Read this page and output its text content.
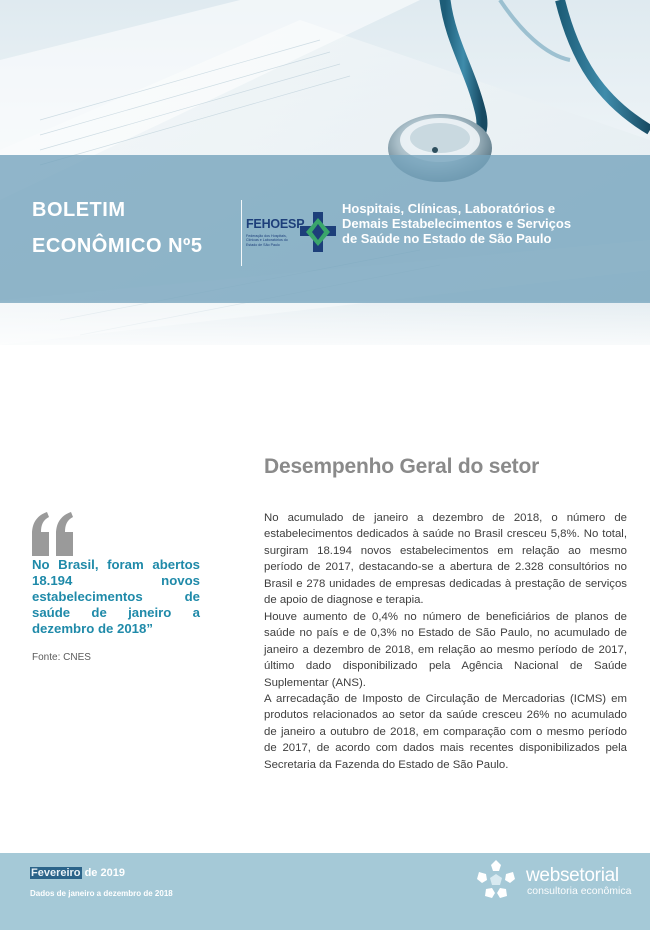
BOLETIM
ECONÔMICO Nº5
FEHOESP
Federação dos Hospitais, Clínicas e Laboratórios do Estado de São Paulo
Hospitais, Clínicas, Laboratórios e
Demais Estabelecimentos e Serviços
de Saúde no Estado de São Paulo
Desempenho Geral do setor

No acumulado de janeiro a dezembro de 2018, o número de estabelecimentos dedicados à saúde no Brasil cresceu 5,8%. No total, surgiram 18.194 novos estabelecimentos em relação ao mesmo período de 2017, destacando-se a abertura de 2.328 consultórios no Brasil e 278 unidades de empresas dedicadas à prestação de serviços de apoio de diagnose e terapia.

Houve aumento de 0,4% no número de beneficiários de planos de saúde no país e de 0,3% no Estado de São Paulo, no acumulado de janeiro a dezembro de 2018, em relação ao mesmo período de 2017, último dado disponibilizado pela Agência Nacional de Saúde Suplementar (ANS).

A arrecadação de Imposto de Circulação de Mercadorias (ICMS) em produtos relacionados ao setor da saúde cresceu 26% no acumulado de janeiro a outubro de 2018, em comparação com o mesmo período de 2017, de acordo com dados mais recentes disponibilizados pela Secretaria da Fazenda do Estado de São Paulo.

No Brasil, foram abertos 18.194 novos estabelecimentos de saúde de janeiro a dezembro de 2018”
Fonte: CNES
Fevereiro de 2019
Dados de janeiro a dezembro de 2018
websetorial
consultoria econômica
